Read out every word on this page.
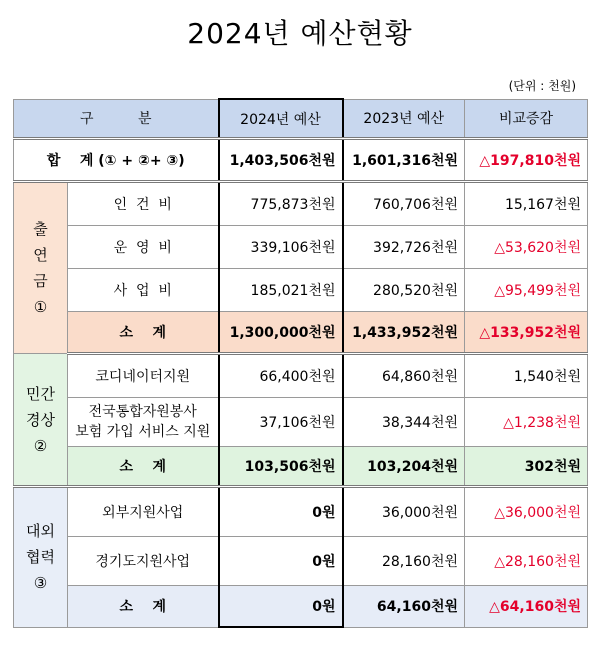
2024년 예산현황
(단위 : 천원)
구          분		2024년 예산	2023년 예산	비교증감
합    계 (① + ②+ ③)		1,403,506천원	1,601,316천원	△197,810천원

출
연
금
①	인  건  비	775,873천원	760,706천원	15,167천원
	운  영  비	339,106천원	392,726천원	△53,620천원
	사  업  비	185,021천원	280,520천원	△95,499천원
	소    계	1,300,000천원	1,433,952천원	△133,952천원

민간
경상
②	코디네이터지원	66,400천원	64,860천원	1,540천원

	전국통합자원봉사
보험 가입 서비스 지원	37,106천원	38,344천원	△1,238천원
	소    계	103,506천원	103,204천원	302천원

대외
협력
③	외부지원사업	0원	36,000천원	△36,000천원
	경기도지원사업	0원	28,160천원	△28,160천원
	소    계	0원	64,160천원	△64,160천원
